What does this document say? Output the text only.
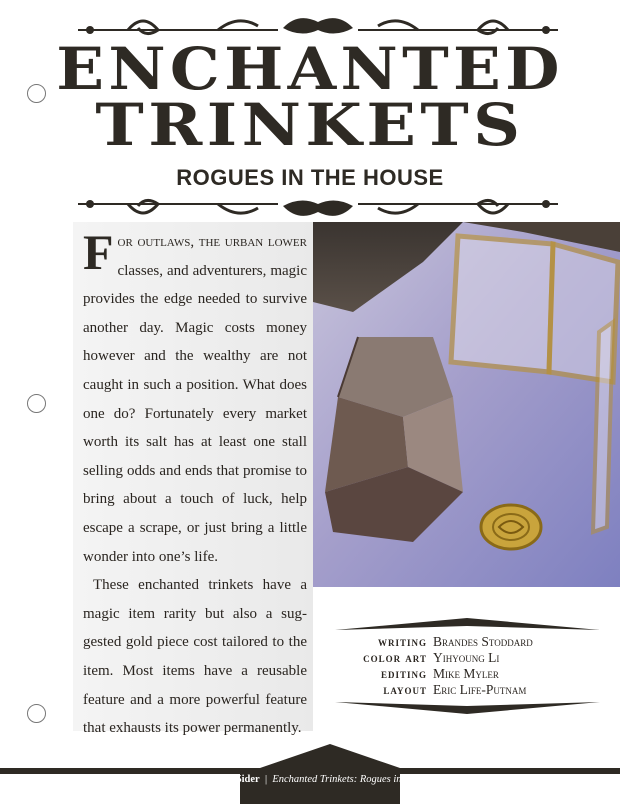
ENCHANTED
TRINKETS
ROGUES IN THE HOUSE

For outlaws, the urban lower classes, and adventurers, magic provides the edge needed to survive another day. Magic costs money however and the wealthy are not caught in such a position. What does one do? Fortunately every market worth its salt has at least one stall selling odds and ends that promise to bring about a touch of luck, help escape a scrape, or just bring a little wonder into one’s life.

These enchanted trinkets have a magic item rarity but also a suggested gold piece cost tailored to the item. Most items have a reusable feature and a more powerful feature that exhausts its power permanently.

writing	Brandes Stoddard
color art	Yihyoung Li
editing	Mike Myler
layout	Eric Life-Putnam
EN World EN5ider | Enchanted Trinkets: Rogues in the House
